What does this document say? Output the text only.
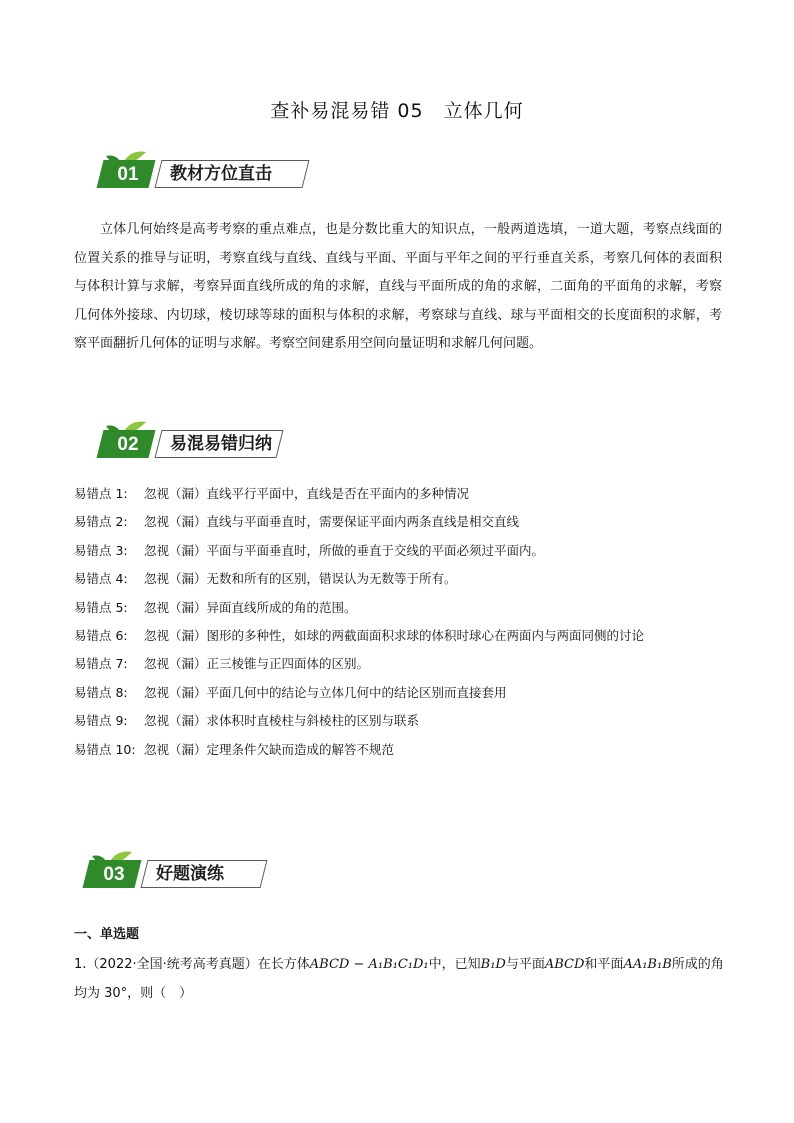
查补易混易错 05　立体几何
01	教材方位直击
立体几何始终是高考考察的重点难点，也是分数比重大的知识点，一般两道选填，一道大题，考察点线面的位置关系的推导与证明，考察直线与直线、直线与平面、平面与平年之间的平行垂直关系，考察几何体的表面积与体积计算与求解，考察异面直线所成的角的求解，直线与平面所成的角的求解，二面角的平面角的求解，考察几何体外接球、内切球，棱切球等球的面积与体积的求解，考察球与直线、球与平面相交的长度面积的求解，考察平面翻折几何体的证明与求解。考察空间建系用空间向量证明和求解几何问题。
02	易混易错归纳
易错点 1: 忽视（漏）直线平行平面中，直线是否在平面内的多种情况
易错点 2: 忽视（漏）直线与平面垂直时，需要保证平面内两条直线是相交直线
易错点 3: 忽视（漏）平面与平面垂直时，所做的垂直于交线的平面必须过平面内。
易错点 4: 忽视（漏）无数和所有的区别，错误认为无数等于所有。
易错点 5: 忽视（漏）异面直线所成的角的范围。
易错点 6: 忽视（漏）图形的多种性，如球的两截面面积求球的体积时球心在两面内与两面同侧的讨论
易错点 7: 忽视（漏）正三棱锥与正四面体的区别。
易错点 8: 忽视（漏）平面几何中的结论与立体几何中的结论区别而直接套用
易错点 9: 忽视（漏）求体积时直棱柱与斜棱柱的区别与联系
易错点 10: 忽视（漏）定理条件欠缺而造成的解答不规范
03	好题演练
一、单选题
1.（2022·全国·统考高考真题）在长方体ABCD − A₁B₁C₁D₁中，已知B₁D与平面ABCD和平面AA₁B₁B所成的角均为 30°，则（　）
